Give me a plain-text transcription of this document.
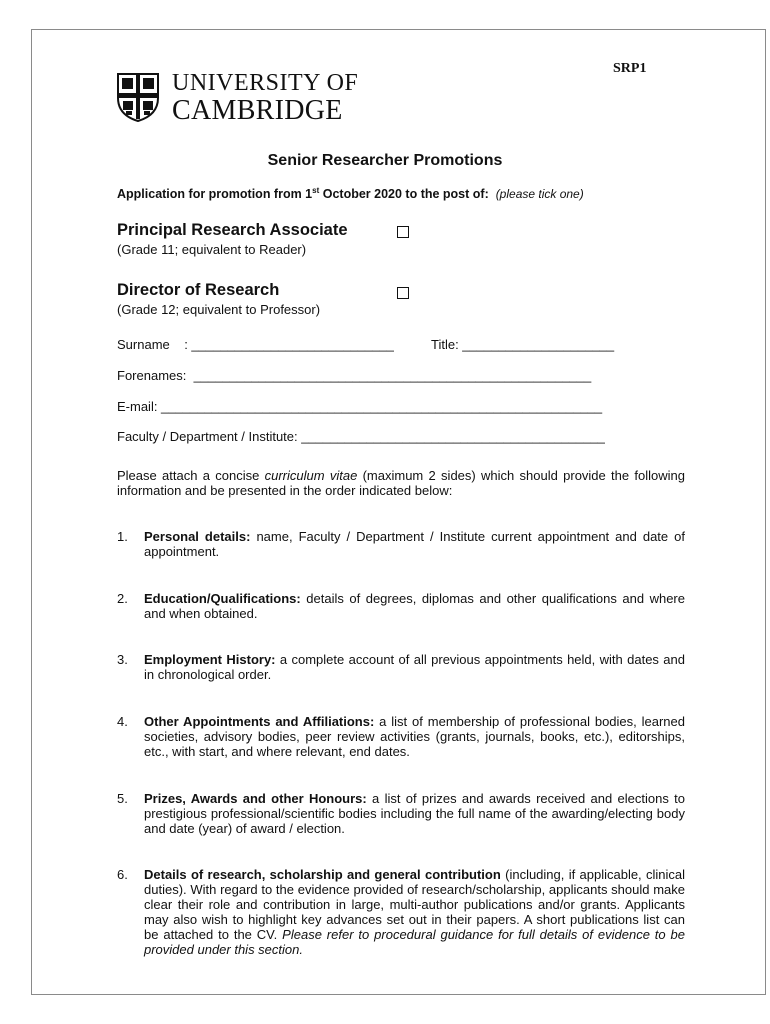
SRP1
UNIVERSITY OF
CAMBRIDGE
Senior Researcher Promotions
Application for promotion from 1st October 2020 to the post of: (please tick one)
Principal Research Associate
(Grade 11; equivalent to Reader)
Director of Research
(Grade 12; equivalent to Professor)
Surname    : ____________________________	Title: _____________________
Forenames:  _______________________________________________________
E-mail: _____________________________________________________________
Faculty / Department / Institute: __________________________________________
Please attach a concise curriculum vitae (maximum 2 sides) which should provide the following information and be presented in the order indicated below:
1.	Personal details: name, Faculty / Department / Institute current appointment and date of appointment.
2.	Education/Qualifications: details of degrees, diplomas and other qualifications and where and when obtained.
3.	Employment History: a complete account of all previous appointments held, with dates and in chronological order.
4.	Other Appointments and Affiliations: a list of membership of professional bodies, learned societies, advisory bodies, peer review activities (grants, journals, books, etc.), editorships, etc., with start, and where relevant, end dates.
5.	Prizes, Awards and other Honours: a list of prizes and awards received and elections to prestigious professional/scientific bodies including the full name of the awarding/electing body and date (year) of award / election.
6.	Details of research, scholarship and general contribution (including, if applicable, clinical duties). With regard to the evidence provided of research/scholarship, applicants should make clear their role and contribution in large, multi-author publications and/or grants. Applicants may also wish to highlight key advances set out in their papers. A short publications list can be attached to the CV. Please refer to procedural guidance for full details of evidence to be provided under this section.
